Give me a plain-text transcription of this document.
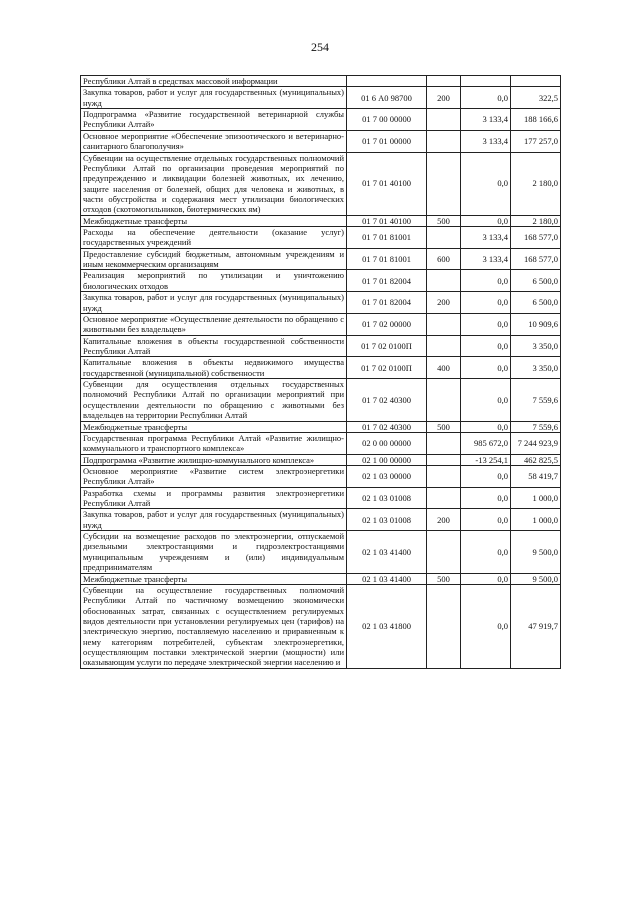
254
Республики Алтай в средствах массовой информации				
Закупка товаров, работ и услуг для государственных (муниципальных) нужд	01 6 А0 98700	200	0,0	322,5
Подпрограмма «Развитие государственной ветеринарной службы Республики Алтай»	01 7 00 00000		3 133,4	188 166,6
Основное мероприятие «Обеспечение эпизоотического и ветеринарно-санитарного благополучия»	01 7 01 00000		3 133,4	177 257,0
Субвенции на осуществление отдельных государственных полномочий Республики Алтай по организации проведения мероприятий по предупреждению и ликвидации болезней животных, их лечению, защите населения от болезней, общих для человека и животных, в части обустройства и содержания мест утилизации биологических отходов (скотомогильников, биотермических ям)	01 7 01 40100		0,0	2 180,0
Межбюджетные трансферты	01 7 01 40100	500	0,0	2 180,0
Расходы на обеспечение деятельности (оказание услуг) государственных учреждений	01 7 01 81001		3 133,4	168 577,0
Предоставление субсидий бюджетным, автономным учреждениям и иным некоммерческим организациям	01 7 01 81001	600	3 133,4	168 577,0
Реализация мероприятий по утилизации и уничтожению биологических отходов	01 7 01 82004		0,0	6 500,0
Закупка товаров, работ и услуг для государственных (муниципальных) нужд	01 7 01 82004	200	0,0	6 500,0
Основное мероприятие «Осуществление деятельности по обращению с животными без владельцев»	01 7 02 00000		0,0	10 909,6
Капитальные вложения в объекты государственной собственности Республики Алтай	01 7 02 0100П		0,0	3 350,0
Капитальные вложения в объекты недвижимого имущества государственной (муниципальной) собственности	01 7 02 0100П	400	0,0	3 350,0
Субвенции для осуществления отдельных государственных полномочий Республики Алтай по организации мероприятий при осуществлении деятельности по обращению с животными без владельцев на территории Республики Алтай	01 7 02 40300		0,0	7 559,6
Межбюджетные трансферты	01 7 02 40300	500	0,0	7 559,6
Государственная программа Республики Алтай «Развитие жилищно-коммунального и транспортного комплекса»	02 0 00 00000		985 672,0	7 244 923,9
Подпрограмма «Развитие жилищно-коммунального комплекса»	02 1 00 00000		-13 254,1	462 825,5
Основное мероприятие «Развитие систем электроэнергетики Республики Алтай»	02 1 03 00000		0,0	58 419,7
Разработка схемы и программы развития электроэнергетики Республики Алтай	02 1 03 01008		0,0	1 000,0
Закупка товаров, работ и услуг для государственных (муниципальных) нужд	02 1 03 01008	200	0,0	1 000,0
Субсидии на возмещение расходов по электроэнергии, отпускаемой дизельными электростанциями и гидроэлектростанциями муниципальным учреждениям и (или) индивидуальным предпринимателям	02 1 03 41400		0,0	9 500,0
Межбюджетные трансферты	02 1 03 41400	500	0,0	9 500,0
Субвенции на осуществление государственных полномочий Республики Алтай по частичному возмещению экономически обоснованных затрат, связанных с осуществлением регулируемых видов деятельности при установлении регулируемых цен (тарифов) на электрическую энергию, поставляемую населению и приравненным к нему категориям потребителей, субъектам электроэнергетики, осуществляющим поставки электрической энергии (мощности) или оказывающим услуги по передаче электрической энергии населению и	02 1 03 41800		0,0	47 919,7
